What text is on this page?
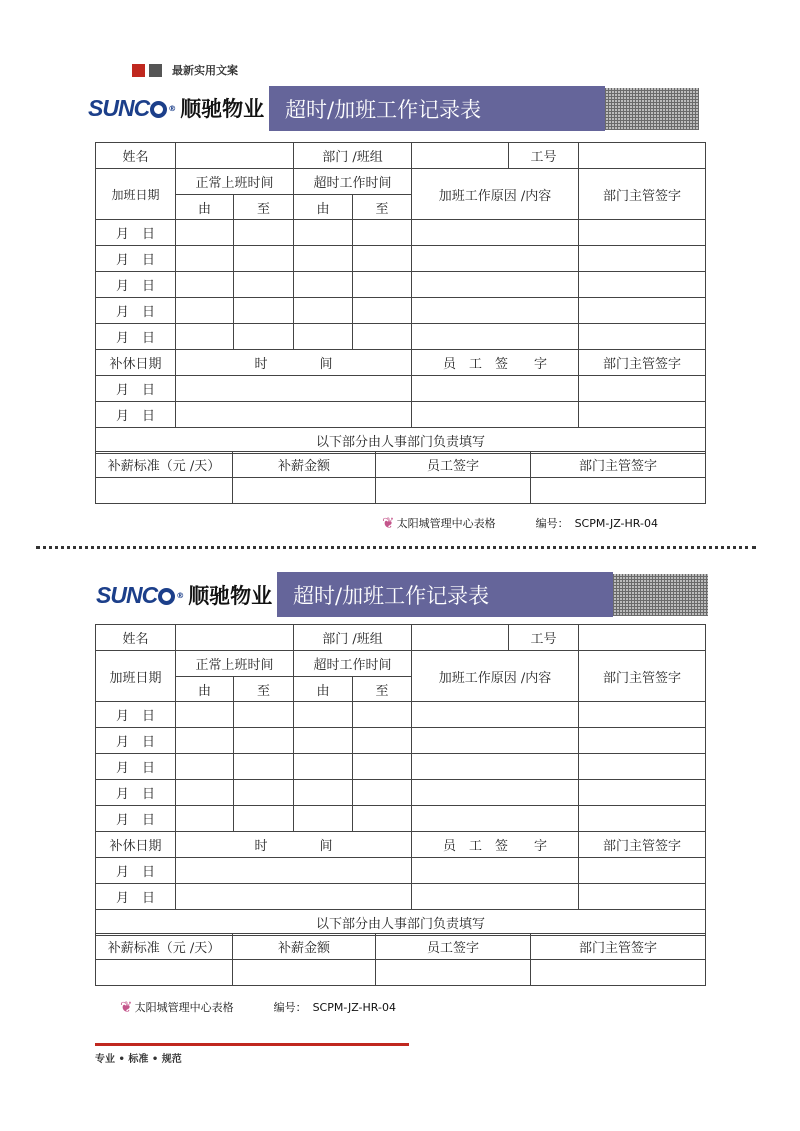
最新实用文案
SUNC	® 顺驰物业 超时/加班工作记录表
姓名			部门 /班组			工号	
加班日期	正常上班时间		超时工作时间		加班工作原因 /内容		部门主管签字
	由	至	由	至			
月　日							
月　日							
月　日							
月　日							
月　日							
补休日期	时　　　　间				员　工　签　　字		部门主管签字
月　日							
月　日							
以下部分由人事部门负责填写							
补薪标准（元 /天）	补薪金额	员工签字	部门主管签字

❦ 太阳城管理中心表格	编号： SCPM-JZ-HR-04
SUNC	® 顺驰物业 超时/加班工作记录表
姓名			部门 /班组			工号	
加班日期	正常上班时间		超时工作时间		加班工作原因 /内容		部门主管签字
	由	至	由	至			
月　日							
月　日							
月　日							
月　日							
月　日							
补休日期	时　　　　间				员　工　签　　字		部门主管签字
月　日							
月　日							
以下部分由人事部门负责填写							
补薪标准（元 /天）	补薪金额	员工签字	部门主管签字

❦ 太阳城管理中心表格	编号： SCPM-JZ-HR-04
专业 • 标准 • 规范
